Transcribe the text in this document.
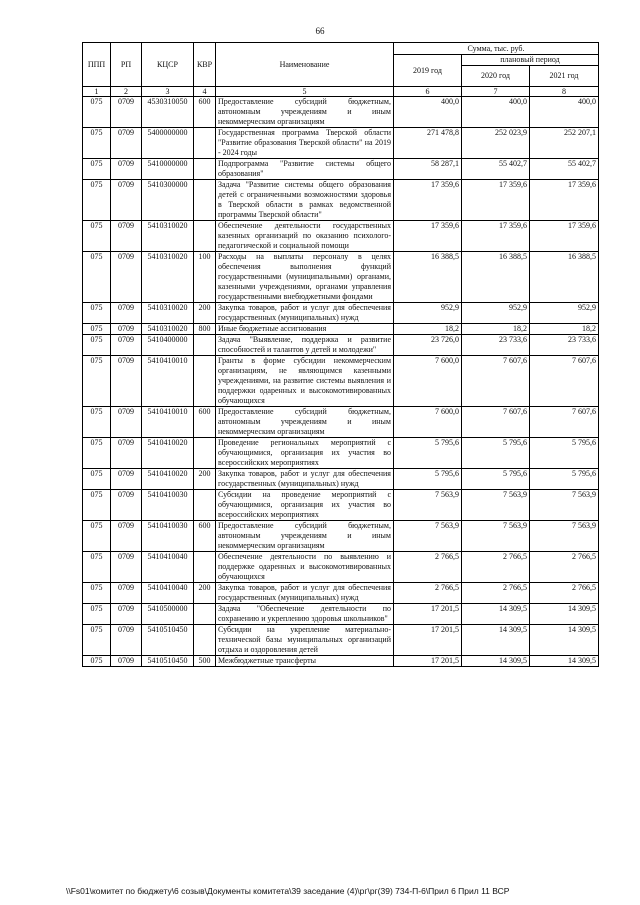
66
ППП	РП	КЦСР	КВР	Наименование	Сумма, тыс. руб.		
					2019 год	плановый период	
						2020 год	2021 год
1	2	3	4	5	6	7	8
075	0709	4530310050	600	Предоставление субсидий бюджетным, автономным учреждениям и иным некоммерческим организациям	400,0	400,0	400,0
075	0709	5400000000		Государственная программа Тверской области "Развитие образования Тверской области" на 2019 - 2024 годы	271 478,8	252 023,9	252 207,1
075	0709	5410000000		Подпрограмма "Развитие системы общего образования"	58 287,1	55 402,7	55 402,7
075	0709	5410300000		Задача "Развитие системы общего образования детей с ограниченными возможностями здоровья в Тверской области в рамках ведомственной программы Тверской области"	17 359,6	17 359,6	17 359,6
075	0709	5410310020		Обеспечение деятельности государственных казенных организаций по оказанию психолого-педагогической и социальной помощи	17 359,6	17 359,6	17 359,6
075	0709	5410310020	100	Расходы на выплаты персоналу в целях обеспечения выполнения функций государственными (муниципальными) органами, казенными учреждениями, органами управления государственными внебюджетными фондами	16 388,5	16 388,5	16 388,5
075	0709	5410310020	200	Закупка товаров, работ и услуг для обеспечения государственных (муниципальных) нужд	952,9	952,9	952,9
075	0709	5410310020	800	Иные бюджетные ассигнования	18,2	18,2	18,2
075	0709	5410400000		Задача "Выявление, поддержка и развитие способностей и талантов у детей и молодежи"	23 726,0	23 733,6	23 733,6
075	0709	5410410010		Гранты в форме субсидии некоммерческим организациям, не являющимся казенными учреждениями, на развитие системы выявления и поддержки одаренных и высокомотивированных обучающихся	7 600,0	7 607,6	7 607,6
075	0709	5410410010	600	Предоставление субсидий бюджетным, автономным учреждениям и иным некоммерческим организациям	7 600,0	7 607,6	7 607,6
075	0709	5410410020		Проведение региональных мероприятий с обучающимися, организация их участия во всероссийских мероприятиях	5 795,6	5 795,6	5 795,6
075	0709	5410410020	200	Закупка товаров, работ и услуг для обеспечения государственных (муниципальных) нужд	5 795,6	5 795,6	5 795,6
075	0709	5410410030		Субсидии на проведение мероприятий с обучающимися, организация их участия во всероссийских мероприятиях	7 563,9	7 563,9	7 563,9
075	0709	5410410030	600	Предоставление субсидий бюджетным, автономным учреждениям и иным некоммерческим организациям	7 563,9	7 563,9	7 563,9
075	0709	5410410040		Обеспечение деятельности по выявлению и поддержке одаренных и высокомотивированных обучающихся	2 766,5	2 766,5	2 766,5
075	0709	5410410040	200	Закупка товаров, работ и услуг для обеспечения государственных (муниципальных) нужд	2 766,5	2 766,5	2 766,5
075	0709	5410500000		Задача "Обеспечение деятельности по сохранению и укреплению здоровья школьников"	17 201,5	14 309,5	14 309,5
075	0709	5410510450		Субсидии на укрепление материально-технической базы муниципальных организаций отдыха и оздоровления детей	17 201,5	14 309,5	14 309,5
075	0709	5410510450	500	Межбюджетные трансферты	17 201,5	14 309,5	14 309,5
\\Fs01\комитет по бюджету\6 созыв\Документы комитета\39 заседание (4)\рг\рг(39) 734-П-6\Прил 6 Прил 11 ВСР
